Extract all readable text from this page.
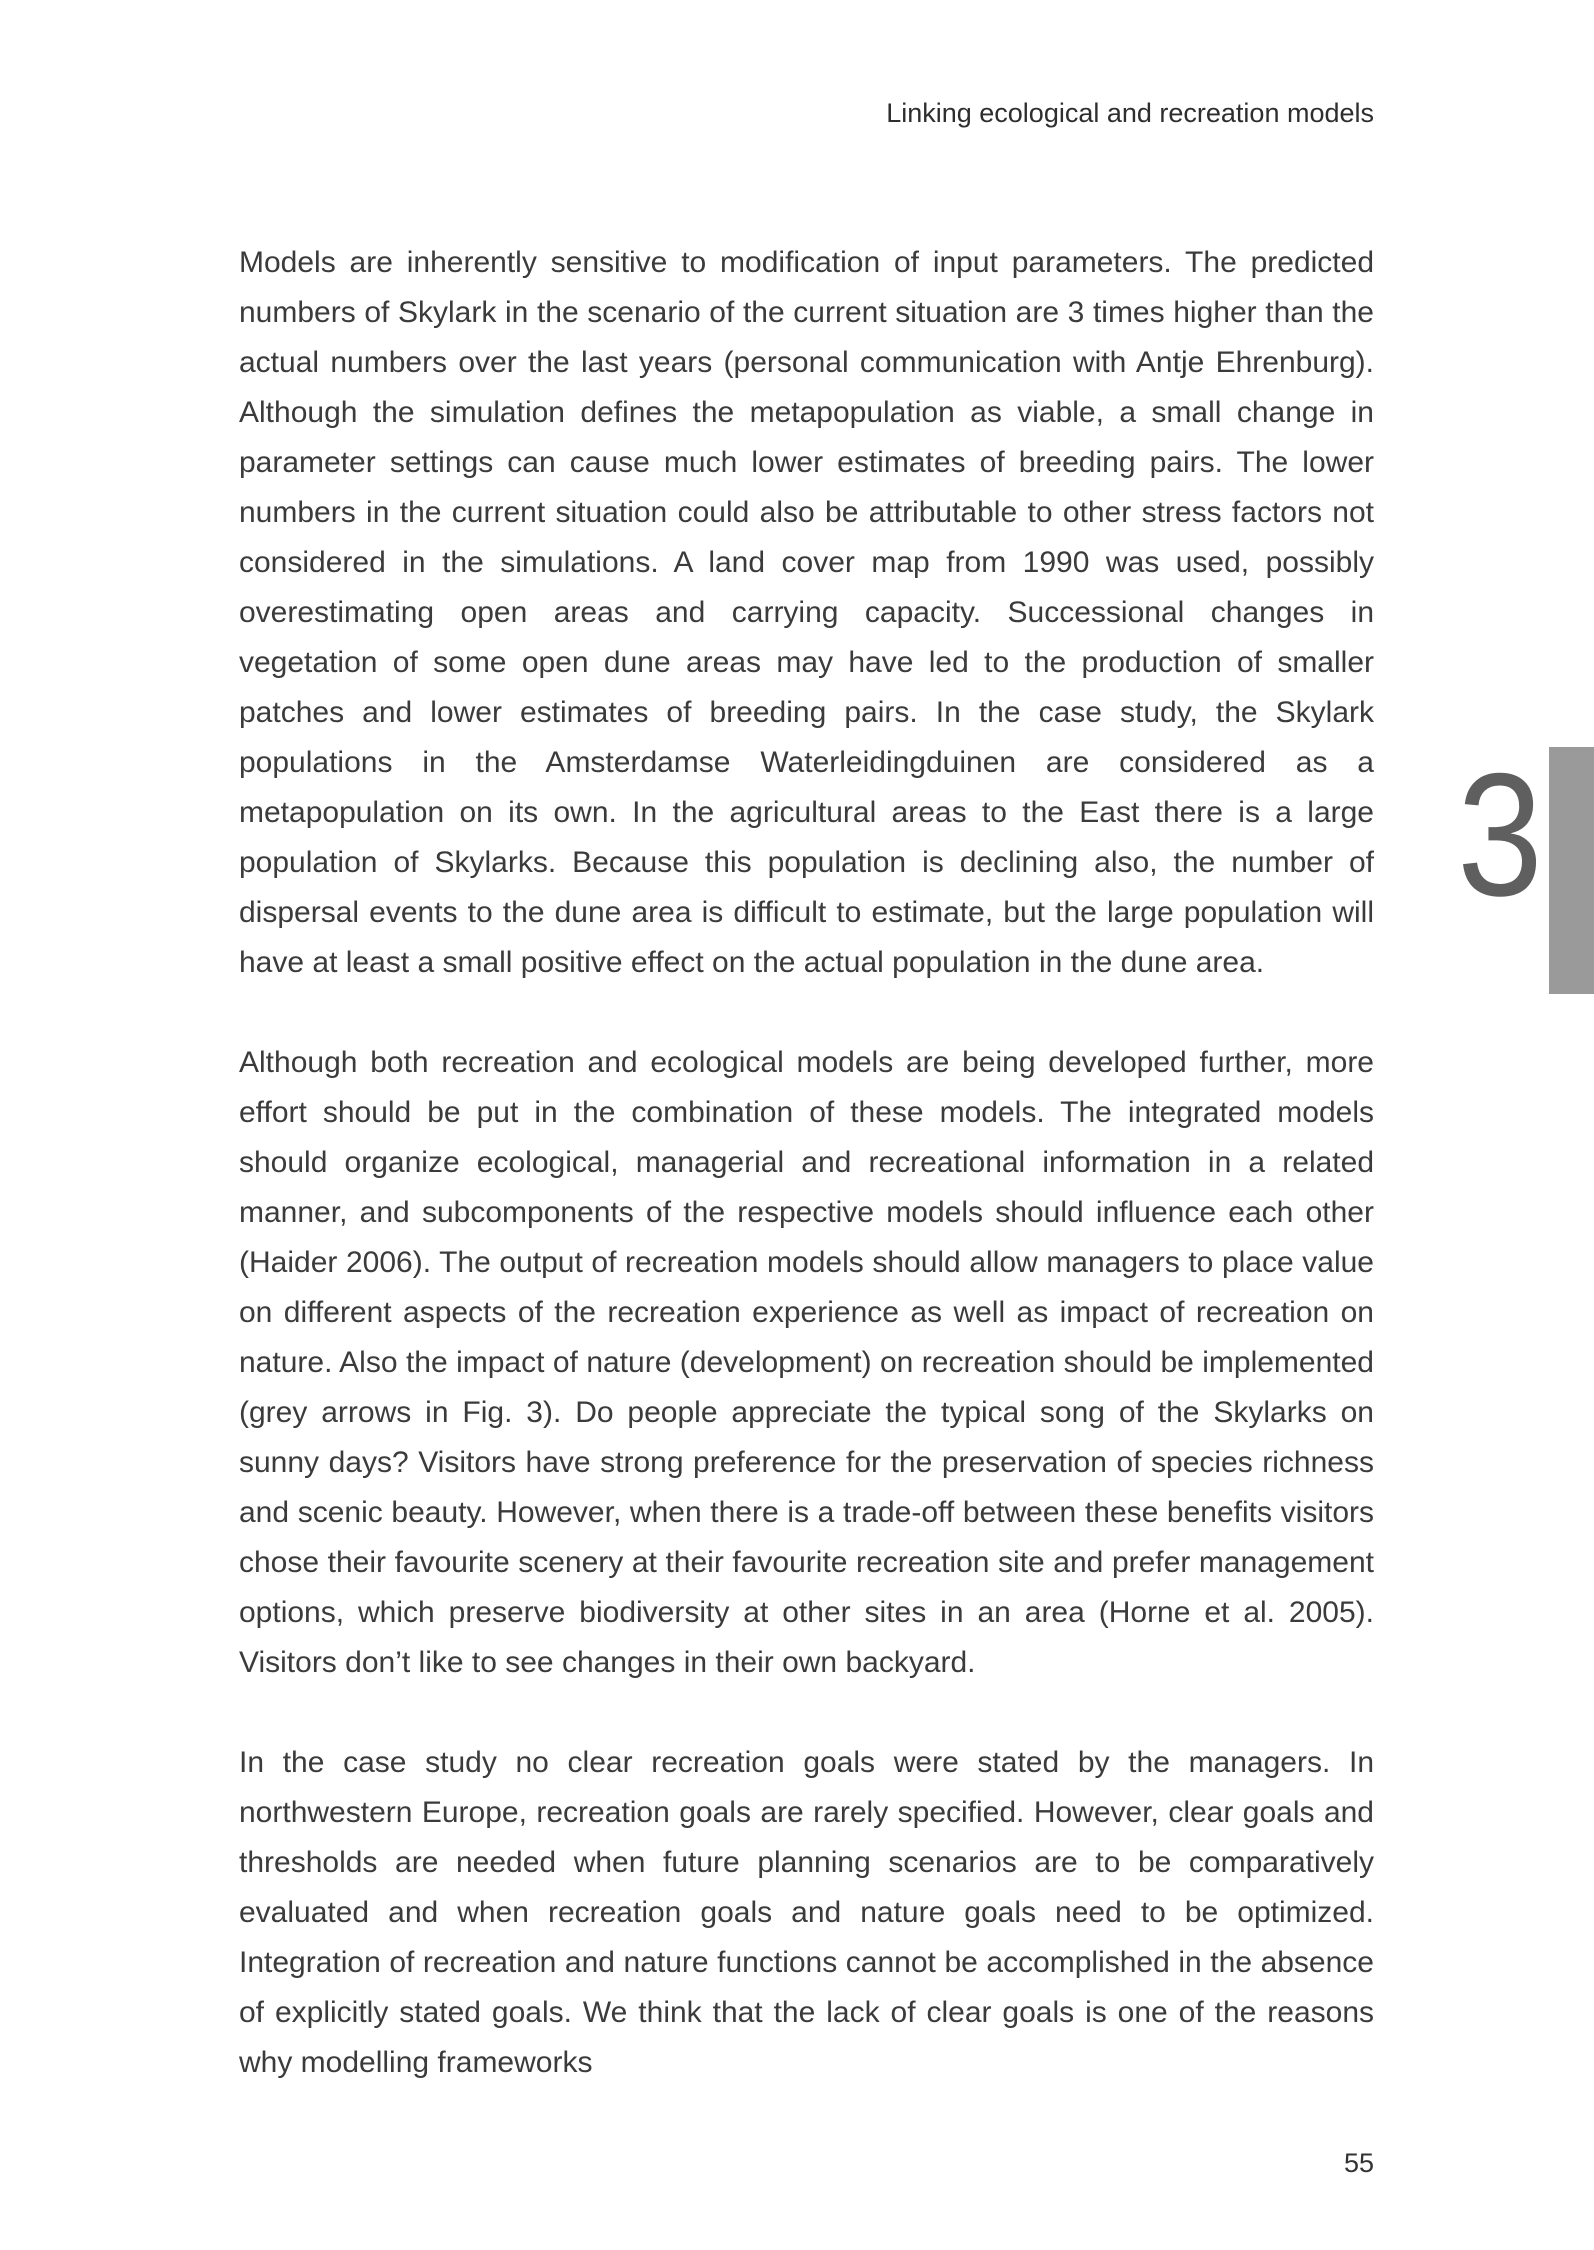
Linking ecological and recreation models

Models are inherently sensitive to modification of input parameters. The predicted numbers of Skylark in the scenario of the current situation are 3 times higher than the actual numbers over the last years (personal communication with Antje Ehrenburg). Although the simulation defines the metapopulation as viable, a small change in parameter settings can cause much lower estimates of breeding pairs. The lower numbers in the current situation could also be attributable to other stress factors not considered in the simulations. A land cover map from 1990 was used, possibly overestimating open areas and carrying capacity. Successional changes in vegetation of some open dune areas may have led to the production of smaller patches and lower estimates of breeding pairs. In the case study, the Skylark populations in the Amsterdamse Waterleidingduinen are considered as a metapopulation on its own. In the agricultural areas to the East there is a large population of Skylarks. Because this population is declining also, the number of dispersal events to the dune area is difficult to estimate, but the large population will have at least a small positive effect on the actual population in the dune area.

Although both recreation and ecological models are being developed further, more effort should be put in the combination of these models. The integrated models should organize ecological, managerial and recreational information in a related manner, and subcomponents of the respective models should influence each other (Haider 2006). The output of recreation models should allow managers to place value on different aspects of the recreation experience as well as impact of recreation on nature. Also the impact of nature (development) on recreation should be implemented (grey arrows in Fig. 3). Do people appreciate the typical song of the Skylarks on sunny days? Visitors have strong preference for the preservation of species richness and scenic beauty. However, when there is a trade-off between these benefits visitors chose their favourite scenery at their favourite recreation site and prefer management options, which preserve biodiversity at other sites in an area (Horne et al. 2005). Visitors don’t like to see changes in their own backyard.

In the case study no clear recreation goals were stated by the managers. In northwestern Europe, recreation goals are rarely specified. However, clear goals and thresholds are needed when future planning scenarios are to be comparatively evaluated and when recreation goals and nature goals need to be optimized. Integration of recreation and nature functions cannot be accomplished in the absence of explicitly stated goals. We think that the lack of clear goals is one of the reasons why modelling frameworks

3
55
